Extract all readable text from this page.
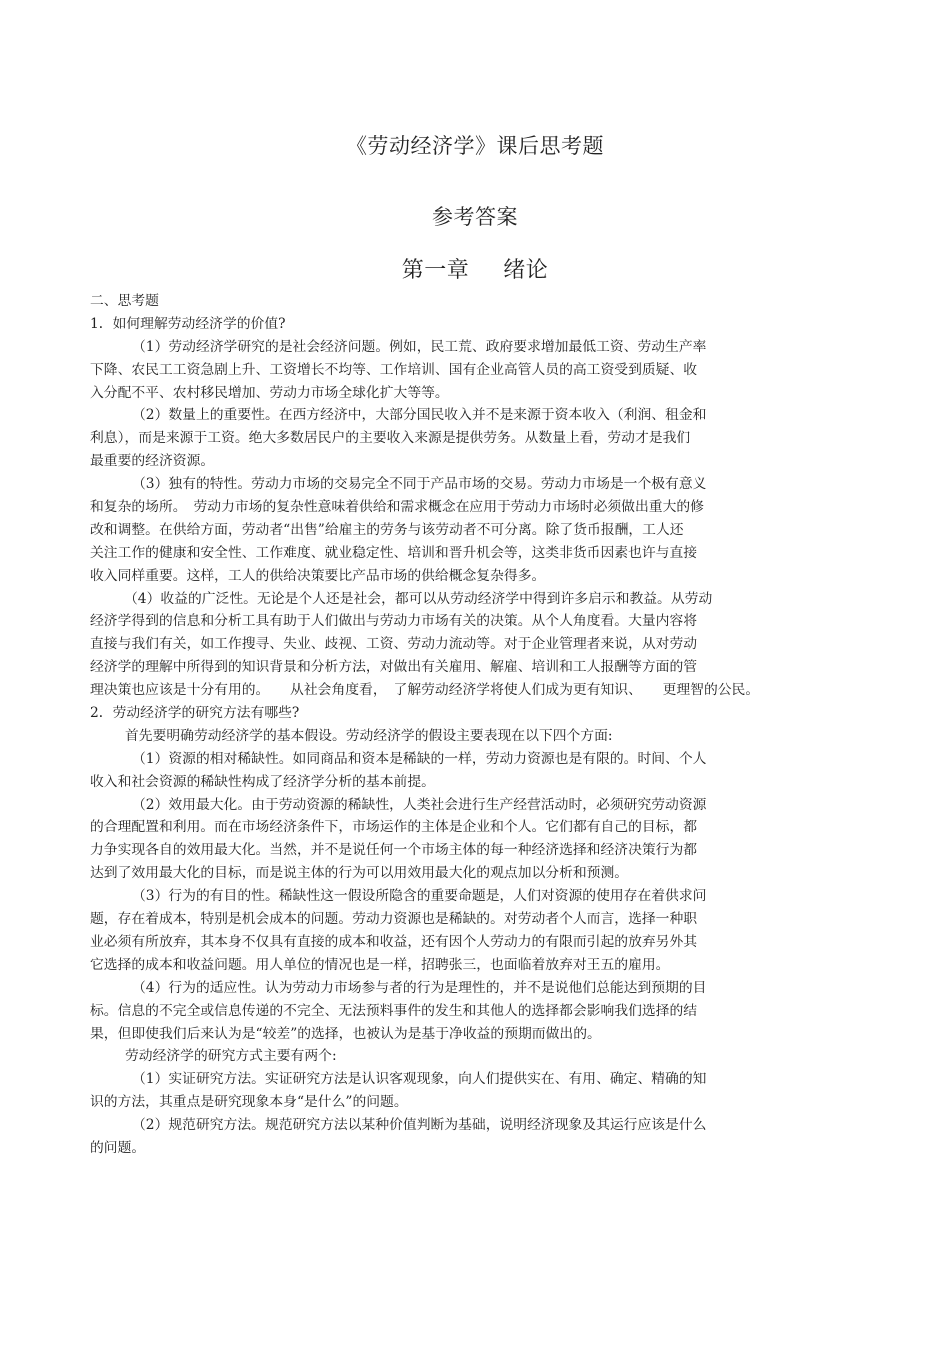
《劳动经济学》课后思考题
参考答案
第一章 绪论
二、思考题
1．如何理解劳动经济学的价值?
（1）劳动经济学研究的是社会经济问题。例如，民工荒、政府要求增加最低工资、劳动生产率
下降、农民工工资急剧上升、工资增长不均等、工作培训、国有企业高管人员的高工资受到质疑、收
入分配不平、农村移民增加、劳动力市场全球化扩大等等。
（2）数量上的重要性。在西方经济中，大部分国民收入并不是来源于资本收入（利润、租金和
利息），而是来源于工资。绝大多数居民户的主要收入来源是提供劳务。从数量上看，劳动才是我们
最重要的经济资源。
（3）独有的特性。劳动力市场的交易完全不同于产品市场的交易。劳动力市场是一个极有意义
和复杂的场所。　劳动力市场的复杂性意味着供给和需求概念在应用于劳动力市场时必须做出重大的修
改和调整。在供给方面，劳动者“出售”给雇主的劳务与该劳动者不可分离。除了货币报酬，工人还
关注工作的健康和安全性、工作难度、就业稳定性、培训和晋升机会等，这类非货币因素也许与直接
收入同样重要。这样，工人的供给决策要比产品市场的供给概念复杂得多。
（4）收益的广泛性。无论是个人还是社会，都可以从劳动经济学中得到许多启示和教益。从劳动
经济学得到的信息和分析工具有助于人们做出与劳动力市场有关的决策。从个人角度看。大量内容将
直接与我们有关，如工作搜寻、失业、歧视、工资、劳动力流动等。对于企业管理者来说，从对劳动
经济学的理解中所得到的知识背景和分析方法，对做出有关雇用、解雇、培训和工人报酬等方面的管
理决策也应该是十分有用的。　　从社会角度看，　了解劳动经济学将使人们成为更有知识、　　更理智的公民。
2．劳动经济学的研究方法有哪些?
首先要明确劳动经济学的基本假设。劳动经济学的假设主要表现在以下四个方面:
（1）资源的相对稀缺性。如同商品和资本是稀缺的一样，劳动力资源也是有限的。时间、个人
收入和社会资源的稀缺性构成了经济学分析的基本前提。
（2）效用最大化。由于劳动资源的稀缺性，人类社会进行生产经营活动时，必须研究劳动资源
的合理配置和利用。而在市场经济条件下，市场运作的主体是企业和个人。它们都有自己的目标，都
力争实现各自的效用最大化。当然，并不是说任何一个市场主体的每一种经济选择和经济决策行为都
达到了效用最大化的目标，而是说主体的行为可以用效用最大化的观点加以分析和预测。
（3）行为的有目的性。稀缺性这一假设所隐含的重要命题是，人们对资源的使用存在着供求问
题，存在着成本，特别是机会成本的问题。劳动力资源也是稀缺的。对劳动者个人而言，选择一种职
业必须有所放弃，其本身不仅具有直接的成本和收益，还有因个人劳动力的有限而引起的放弃另外其
它选择的成本和收益问题。用人单位的情况也是一样，招聘张三，也面临着放弃对王五的雇用。
（4）行为的适应性。认为劳动力市场参与者的行为是理性的，并不是说他们总能达到预期的目
标。信息的不完全或信息传递的不完全、无法预料事件的发生和其他人的选择都会影响我们选择的结
果，但即使我们后来认为是“较差”的选择，也被认为是基于净收益的预期而做出的。
劳动经济学的研究方式主要有两个:
（1）实证研究方法。实证研究方法是认识客观现象，向人们提供实在、有用、确定、精确的知
识的方法，其重点是研究现象本身“是什么”的问题。
（2）规范研究方法。规范研究方法以某种价值判断为基础，说明经济现象及其运行应该是什么
的问题。
